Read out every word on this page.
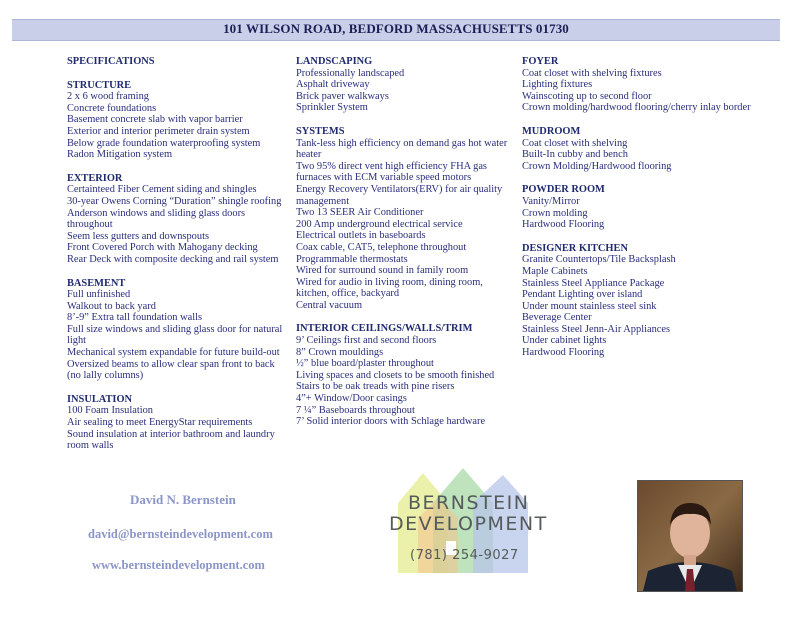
101 WILSON ROAD, BEDFORD MASSACHUSETTS 01730
SPECIFICATIONS
STRUCTURE
2 x 6 wood framing
Concrete foundations
Basement concrete slab with vapor barrier
Exterior and interior perimeter drain system
Below grade foundation waterproofing system
Radon Mitigation system
EXTERIOR
Certainteed Fiber Cement siding and shingles
30-year Owens Corning “Duration” shingle roofing
Anderson windows and sliding glass doors throughout
Seem less gutters and downspouts
Front Covered Porch with Mahogany decking
Rear Deck with composite decking and rail system
BASEMENT
Full unfinished
Walkout to back yard
8’-9” Extra tall foundation walls
Full size windows and sliding glass door for natural light
Mechanical system expandable for future build-out
Oversized beams to allow clear span front to back (no lally columns)
INSULATION
100 Foam Insulation
Air sealing to meet EnergyStar requirements
Sound insulation at interior bathroom and laundry room walls
LANDSCAPING
Professionally landscaped
Asphalt driveway
Brick paver walkways
Sprinkler System
SYSTEMS
Tank-less high efficiency on demand gas hot water heater
Two 95% direct vent high efficiency FHA gas furnaces with ECM variable speed motors
Energy Recovery Ventilators(ERV) for air quality management
Two 13 SEER Air Conditioner
200 Amp underground electrical service
Electrical outlets in baseboards
Coax cable, CAT5, telephone throughout
Programmable thermostats
Wired for surround sound in family room
Wired for audio in living room, dining room, kitchen, office, backyard
Central vacuum
INTERIOR CEILINGS/WALLS/TRIM
9’ Ceilings first and second floors
8” Crown mouldings
½” blue board/plaster throughout
Living spaces and closets to be smooth finished
Stairs to be oak treads with pine risers
4”+ Window/Door casings
7 ¼” Baseboards throughout
7’ Solid interior doors with Schlage hardware
FOYER
Coat closet with shelving fixtures
Lighting fixtures
Wainscoting up to second floor
Crown molding/hardwood flooring/cherry inlay border
MUDROOM
Coat closet with shelving
Built-In cubby and bench
Crown Molding/Hardwood flooring
POWDER ROOM
Vanity/Mirror
Crown molding
Hardwood Flooring
DESIGNER KITCHEN
Granite Countertops/Tile Backsplash
Maple Cabinets
Stainless Steel Appliance Package
Pendant Lighting over island
Under mount stainless steel sink
Beverage Center
Stainless Steel Jenn-Air Appliances
Under cabinet lights
Hardwood Flooring
David N. Bernstein
david@bernsteindevelopment.com
www.bernsteindevelopment.com
BERNSTEIN
DEVELOPMENT
(781) 254-9027
